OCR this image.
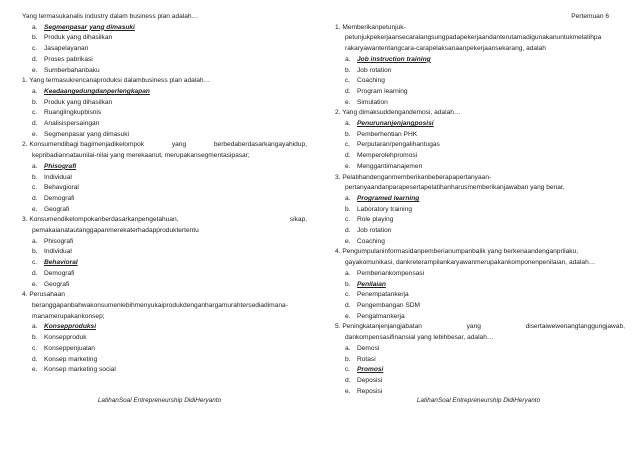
Yang termasukanalis industry dalam business plan adalah…
a. Segmenpasar yang dimasuki
b. Produk yang dihasilkan
c. Jasapelayanan
d. Proses pabrikasi
e. Sumberbahanbaku
1. Yang termasukrencanaproduksi dalambusiness plan adalah…
a. Keadaangedungdanperlengkapan
b. Produk yang dihasilkan
c. Ruanglingkupbisnis
d. Analisispersaingan
e. Segmenpasar yang dimasuki
2. Konsumendibagi bagimenjadikelompok	yang	berbedaberdasarkangayahidup,
kepribadiannataunilai-nilai yang merekaanut, merupakansegmentasipasar;
a. Phisografi
b. Individual
c. Behavgioral
d. Demografi
e. Geografi
3. Konsumendikelompokanberdasarkanpengetahuan,	sikap,
pemakaianatautanggapanmerekaterhadapproduktertentu
a. Phisografi
b. Individual
c. Behavioral
d. Demografi
e. Geografi
4. Perusahaan
beranggapanbahwakonsumenlebihmenyukaiprodukdenganhargamurahtersediadimana-
manamerupakankonsep;
a. Konsepproduksi
b. Konsepproduk
c. Konseppenjualan
d. Konsep marketing
e. Konsep marketing social
LatihanSoal Entrepreneurship DidiHeryanto
Pertemuan 6
1. Memberikanpetunjuk-
petunjukpekerjaansecaralangsungpadapekerjaandanterutamadigunakanuntukmelatihpa
rakaryawantentangcara-carapelaksanaanpekerjaansekarang, adalah
a. Job instruction training
b. Job rotation
c. Coaching
d. Program learning
e. Simulation
2. Yang dimaksuddengandemosi, adalah…
a. Penurunanjenjangposisi
b. Pemberhentian PHK
c. Perputaran/pengalihantugas
d. Memperolehpromosi
e. Menggantimanajemen
3. Pelatihandenganmemberikanbeberapapertanyaan-
pertanyaandanparapesertapelatihanharusmemberikanjawaban yang benar,
a. Programed learning
b. Laboratory training
c. Role playing
d. Job rotation
e. Coaching
4. Pengumpulaninformasidanpemberianumpanbalik yang berkenaandenganprilaku,
gayakomunikasi, dankreterampilankaryawanmerupakankomponenpenilaian, adalah…
a. Pemberiankompensasi
b. Penilaian
c. Penempatankerja
d. Pengembangan SDM
e. Pengalmankerja
5. Peningkatanjenjangjabatan	yang	disertaiwewenangtanggungjawab,
dankompensasifinansial yang lebihbesar, adalah…
a. Demosi
b. Rotasi
c. Promosi
d. Deposisi
e. Reposisi
LatihanSoal Entrepreneurship DidiHeryanto
